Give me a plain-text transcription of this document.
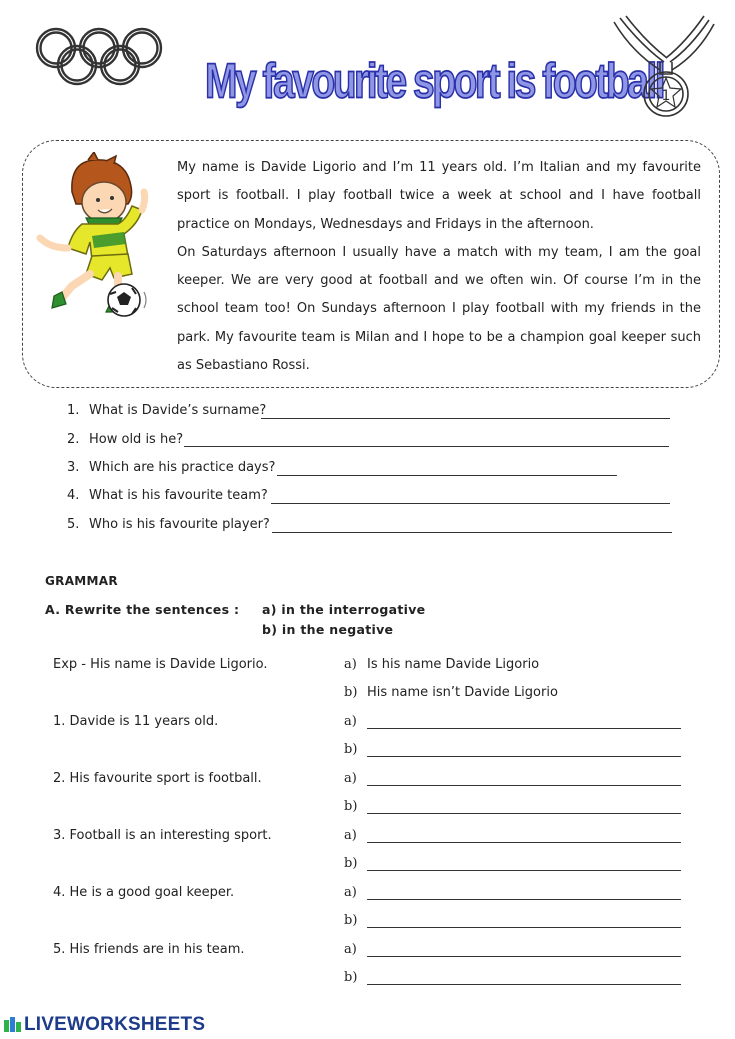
My favourite sport is football
1

My name is Davide Ligorio and I’m 11 years old. I’m Italian and my favourite sport is football. I play football twice a week at school and I have football practice on Mondays, Wednesdays and Fridays in the afternoon.

On Saturdays afternoon I usually have a match with my team, I am the goal keeper. We are very good at football and we often win. Of course I’m in the school team too! On Sundays afternoon I play football with my friends in the park. My favourite team is Milan and I hope to be a champion goal keeper such as Sebastiano Rossi.

1. What is Davide’s surname?
2. How old is he?
3. Which are his practice days?
4. What is his favourite team?
5. Who is his favourite player?
GRAMMAR
A. Rewrite the sentences : a) in the interrogative
b) in the negative
Exp - His name is Davide Ligorio.	a) Is his name Davide Ligorio
b) His name isn’t Davide Ligorio
1. Davide is 11 years old.	a)
b)
2. His favourite sport is football.	a)
b)
3. Football is an interesting sport.	a)
b)
4. He is a good goal keeper.	a)
b)
5. His friends are in his team.	a)
b)
LIVEWORKSHEETS
